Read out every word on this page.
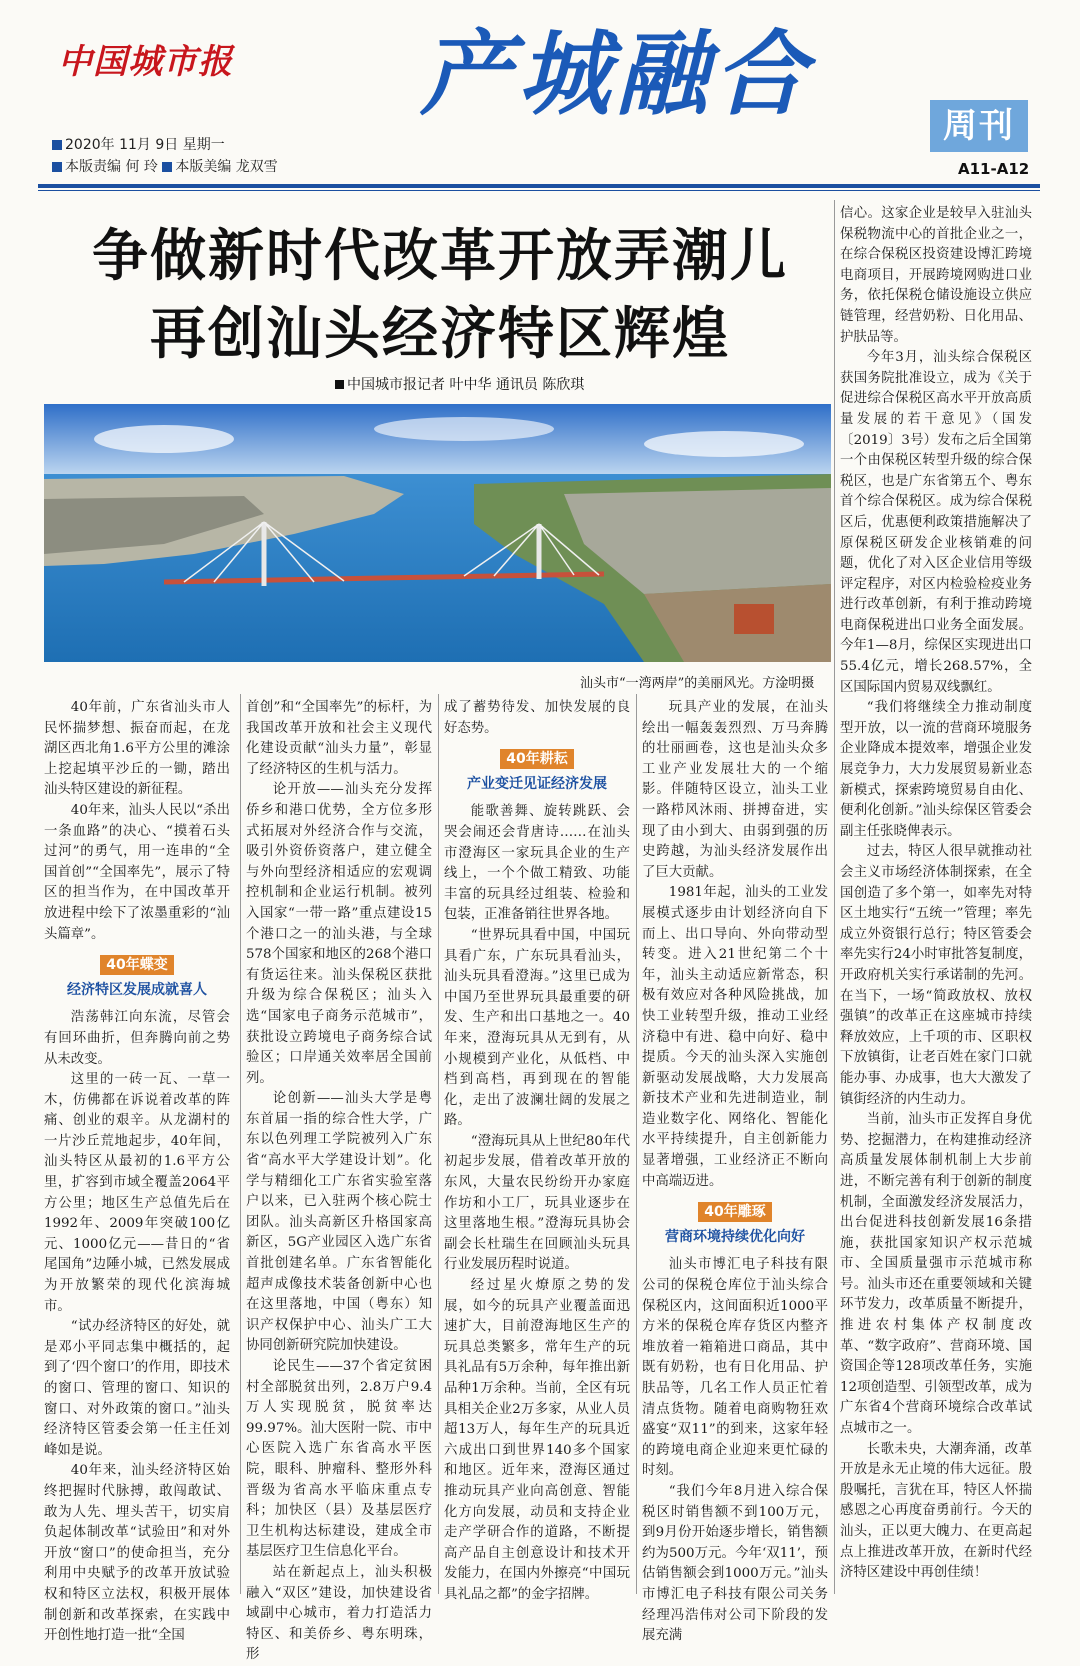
中国城市报
2020年 11月 9日 星期一
本版责编 何 玲 本版美编 龙双雪
产城融合	周刊
A11-A12
争做新时代改革开放弄潮儿
再创汕头经济特区辉煌
中国城市报记者 叶中华 通讯员 陈欣琪
汕头市“一湾两岸”的美丽风光。方淦明摄

40年前，广东省汕头市人民怀揣梦想、振奋而起，在龙湖区西北角1.6平方公里的滩涂上挖起填平沙丘的一锄，踏出汕头特区建设的新征程。

40年来，汕头人民以“杀出一条血路”的决心、“摸着石头过河”的勇气，用一连串的“全国首创”“全国率先”，展示了特区的担当作为，在中国改革开放进程中绘下了浓墨重彩的“汕头篇章”。

40年蝶变
经济特区发展成就喜人

浩荡韩江向东流，尽管会有回环曲折，但奔腾向前之势从未改变。

这里的一砖一瓦、一草一木，仿佛都在诉说着改革的阵痛、创业的艰辛。从龙湖村的一片沙丘荒地起步，40年间，汕头特区从最初的1.6平方公里，扩容到市域全覆盖2064平方公里；地区生产总值先后在1992年、2009年突破100亿元、1000亿元——昔日的“省尾国角”边陲小城，已然发展成为开放繁荣的现代化滨海城市。

“试办经济特区的好处，就是邓小平同志集中概括的，起到了‘四个窗口’的作用，即技术的窗口、管理的窗口、知识的窗口、对外政策的窗口。”汕头经济特区管委会第一任主任刘峰如是说。

40年来，汕头经济特区始终把握时代脉搏，敢闯敢试、敢为人先、埋头苦干，切实肩负起体制改革“试验田”和对外开放“窗口”的使命担当，充分利用中央赋予的改革开放试验权和特区立法权，积极开展体制创新和改革探索，在实践中开创性地打造一批“全国

首创”和“全国率先”的标杆，为我国改革开放和社会主义现代化建设贡献“汕头力量”，彰显了经济特区的生机与活力。

论开放——汕头充分发挥侨乡和港口优势，全方位多形式拓展对外经济合作与交流，吸引外资侨资落户，建立健全与外向型经济相适应的宏观调控机制和企业运行机制。被列入国家“一带一路”重点建设15个港口之一的汕头港，与全球578个国家和地区的268个港口有货运往来。汕头保税区获批升级为综合保税区；汕头入选“国家电子商务示范城市”，获批设立跨境电子商务综合试验区；口岸通关效率居全国前列。

论创新——汕头大学是粤东首届一指的综合性大学，广东以色列理工学院被列入广东省“高水平大学建设计划”。化学与精细化工广东省实验室落户以来，已入驻两个核心院士团队。汕头高新区升格国家高新区，5G产业园区入选广东省首批创建名单。广东省智能化超声成像技术装备创新中心也在这里落地，中国（粤东）知识产权保护中心、汕头广工大协同创新研究院加快建设。

论民生——37个省定贫困村全部脱贫出列，2.8万户9.4万人实现脱贫，脱贫率达99.97%。汕大医附一院、市中心医院入选广东省高水平医院，眼科、肿瘤科、整形外科晋级为省高水平临床重点专科；加快区（县）及基层医疗卫生机构达标建设，建成全市基层医疗卫生信息化平台。

站在新起点上，汕头积极融入“双区”建设，加快建设省域副中心城市，着力打造活力特区、和美侨乡、粤东明珠，形

成了蓄势待发、加快发展的良好态势。

40年耕耘
产业变迁见证经济发展

能歌善舞、旋转跳跃、会哭会闹还会背唐诗……在汕头市澄海区一家玩具企业的生产线上，一个个做工精致、功能丰富的玩具经过组装、检验和包装，正准备销往世界各地。

“世界玩具看中国，中国玩具看广东，广东玩具看汕头，汕头玩具看澄海。”这里已成为中国乃至世界玩具最重要的研发、生产和出口基地之一。40年来，澄海玩具从无到有，从小规模到产业化，从低档、中档到高档，再到现在的智能化，走出了波澜壮阔的发展之路。

“澄海玩具从上世纪80年代初起步发展，借着改革开放的东风，大量农民纷纷开办家庭作坊和小工厂，玩具业逐步在这里落地生根。”澄海玩具协会副会长杜瑞生在回顾汕头玩具行业发展历程时说道。

经过星火燎原之势的发展，如今的玩具产业覆盖面迅速扩大，目前澄海地区生产的玩具总类繁多，常年生产的玩具礼品有5万余种，每年推出新品种1万余种。当前，全区有玩具相关企业2万多家，从业人员超13万人，每年生产的玩具近六成出口到世界140多个国家和地区。近年来，澄海区通过推动玩具产业向高创意、智能化方向发展，动员和支持企业走产学研合作的道路，不断提高产品自主创意设计和技术开发能力，在国内外擦亮“中国玩具礼品之都”的金字招牌。

玩具产业的发展，在汕头绘出一幅轰轰烈烈、万马奔腾的壮丽画卷，这也是汕头众多工业产业发展壮大的一个缩影。伴随特区设立，汕头工业一路栉风沐雨、拼搏奋进，实现了由小到大、由弱到强的历史跨越，为汕头经济发展作出了巨大贡献。

1981年起，汕头的工业发展模式逐步由计划经济向自下而上、出口导向、外向带动型转变。进入21世纪第二个十年，汕头主动适应新常态，积极有效应对各种风险挑战，加快工业转型升级，推动工业经济稳中有进、稳中向好、稳中提质。今天的汕头深入实施创新驱动发展战略，大力发展高新技术产业和先进制造业，制造业数字化、网络化、智能化水平持续提升，自主创新能力显著增强，工业经济正不断向中高端迈进。

40年雕琢
营商环境持续优化向好

汕头市博汇电子科技有限公司的保税仓库位于汕头综合保税区内，这间面积近1000平方米的保税仓库存货区内整齐堆放着一箱箱进口商品，其中既有奶粉，也有日化用品、护肤品等，几名工作人员正忙着清点货物。随着电商购物狂欢盛宴“双11”的到来，这家年轻的跨境电商企业迎来更忙碌的时刻。

“我们今年8月进入综合保税区时销售额不到100万元，到9月份开始逐步增长，销售额约为500万元。今年‘双11’，预估销售额会到1000万元。”汕头市博汇电子科技有限公司关务经理冯浩伟对公司下阶段的发展充满

信心。这家企业是较早入驻汕头保税物流中心的首批企业之一，在综合保税区投资建设博汇跨境电商项目，开展跨境网购进口业务，依托保税仓储设施设立供应链管理，经营奶粉、日化用品、护肤品等。

今年3月，汕头综合保税区获国务院批准设立，成为《关于促进综合保税区高水平开放高质量发展的若干意见》（国发〔2019〕3号）发布之后全国第一个由保税区转型升级的综合保税区，也是广东省第五个、粤东首个综合保税区。成为综合保税区后，优惠便利政策措施解决了原保税区研发企业核销难的问题，优化了对入区企业信用等级评定程序，对区内检验检疫业务进行改革创新，有利于推动跨境电商保税进出口业务全面发展。今年1—8月，综保区实现进出口55.4亿元，增长268.57%，全区国际国内贸易双线飘红。

“我们将继续全力推动制度型开放，以一流的营商环境服务企业降成本提效率，增强企业发展竞争力，大力发展贸易新业态新模式，探索跨境贸易自由化、便利化创新。”汕头综保区管委会副主任张晓俾表示。

过去，特区人很早就推动社会主义市场经济体制探索，在全国创造了多个第一，如率先对特区土地实行“五统一”管理；率先成立外资银行总行；特区管委会率先实行24小时审批答复制度，开政府机关实行承诺制的先河。在当下，一场“简政放权、放权强镇”的改革正在这座城市持续释放效应，上千项的市、区职权下放镇街，让老百姓在家门口就能办事、办成事，也大大激发了镇街经济的内生动力。

当前，汕头市正发挥自身优势、挖掘潜力，在构建推动经济高质量发展体制机制上大步前进，不断完善有利于创新的制度机制，全面激发经济发展活力，出台促进科技创新发展16条措施，获批国家知识产权示范城市、全国质量强市示范城市称号。汕头市还在重要领域和关键环节发力，改革质量不断提升，推进农村集体产权制度改革、“数字政府”、营商环境、国资国企等128项改革任务，实施12项创造型、引领型改革，成为广东省4个营商环境综合改革试点城市之一。

长歌未央，大潮奔涌，改革开放是永无止境的伟大远征。殷殷嘱托，言犹在耳，特区人怀揣感恩之心再度奋勇前行。今天的汕头，正以更大魄力、在更高起点上推进改革开放，在新时代经济特区建设中再创佳绩！
